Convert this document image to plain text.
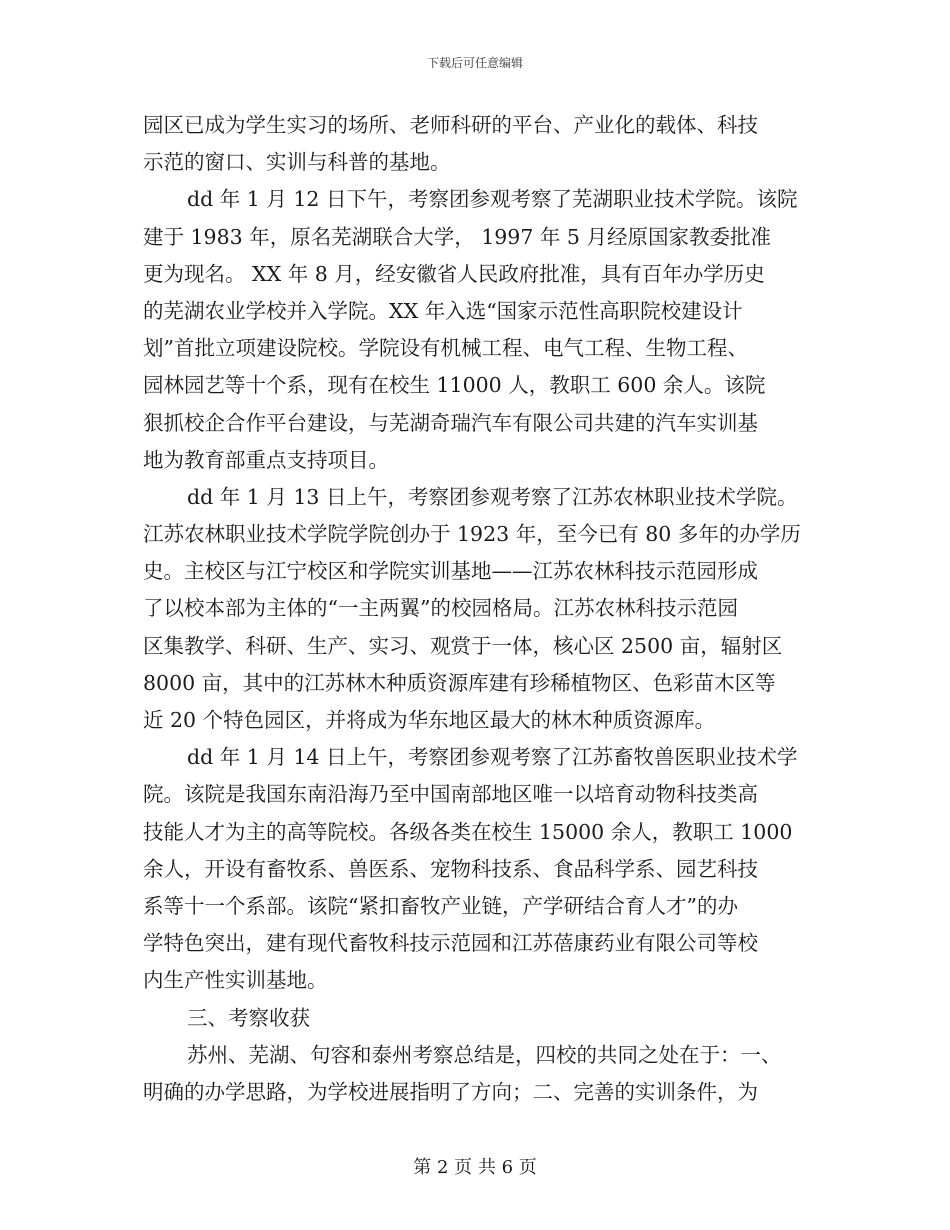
下载后可任意编辑
园区已成为学生实习的场所、老师科研的平台、产业化的载体、科技
示范的窗口、实训与科普的基地。
dd 年 1 月 12 日下午，考察团参观考察了芜湖职业技术学院。该院
建于 1983 年，原名芜湖联合大学， 1997 年 5 月经原国家教委批准
更为现名。 XX 年 8 月，经安徽省人民政府批准，具有百年办学历史
的芜湖农业学校并入学院。XX 年入选“国家示范性高职院校建设计
划”首批立项建设院校。学院设有机械工程、电气工程、生物工程、
园林园艺等十个系，现有在校生 11000 人，教职工 600 余人。该院
狠抓校企合作平台建设，与芜湖奇瑞汽车有限公司共建的汽车实训基
地为教育部重点支持项目。
dd 年 1 月 13 日上午，考察团参观考察了江苏农林职业技术学院。
江苏农林职业技术学院学院创办于 1923 年，至今已有 80 多年的办学历
史。主校区与江宁校区和学院实训基地——江苏农林科技示范园形成
了以校本部为主体的“一主两翼”的校园格局。江苏农林科技示范园
区集教学、科研、生产、实习、观赏于一体，核心区 2500 亩，辐射区
8000 亩，其中的江苏林木种质资源库建有珍稀植物区、色彩苗木区等
近 20 个特色园区，并将成为华东地区最大的林木种质资源库。
dd 年 1 月 14 日上午，考察团参观考察了江苏畜牧兽医职业技术学
院。该院是我国东南沿海乃至中国南部地区唯一以培育动物科技类高
技能人才为主的高等院校。各级各类在校生 15000 余人，教职工 1000
余人，开设有畜牧系、兽医系、宠物科技系、食品科学系、园艺科技
系等十一个系部。该院“紧扣畜牧产业链，产学研结合育人才”的办
学特色突出，建有现代畜牧科技示范园和江苏蓓康药业有限公司等校
内生产性实训基地。
三、考察收获
苏州、芜湖、句容和泰州考察总结是，四校的共同之处在于：一、
明确的办学思路，为学校进展指明了方向；二、完善的实训条件，为
第 2 页 共 6 页
